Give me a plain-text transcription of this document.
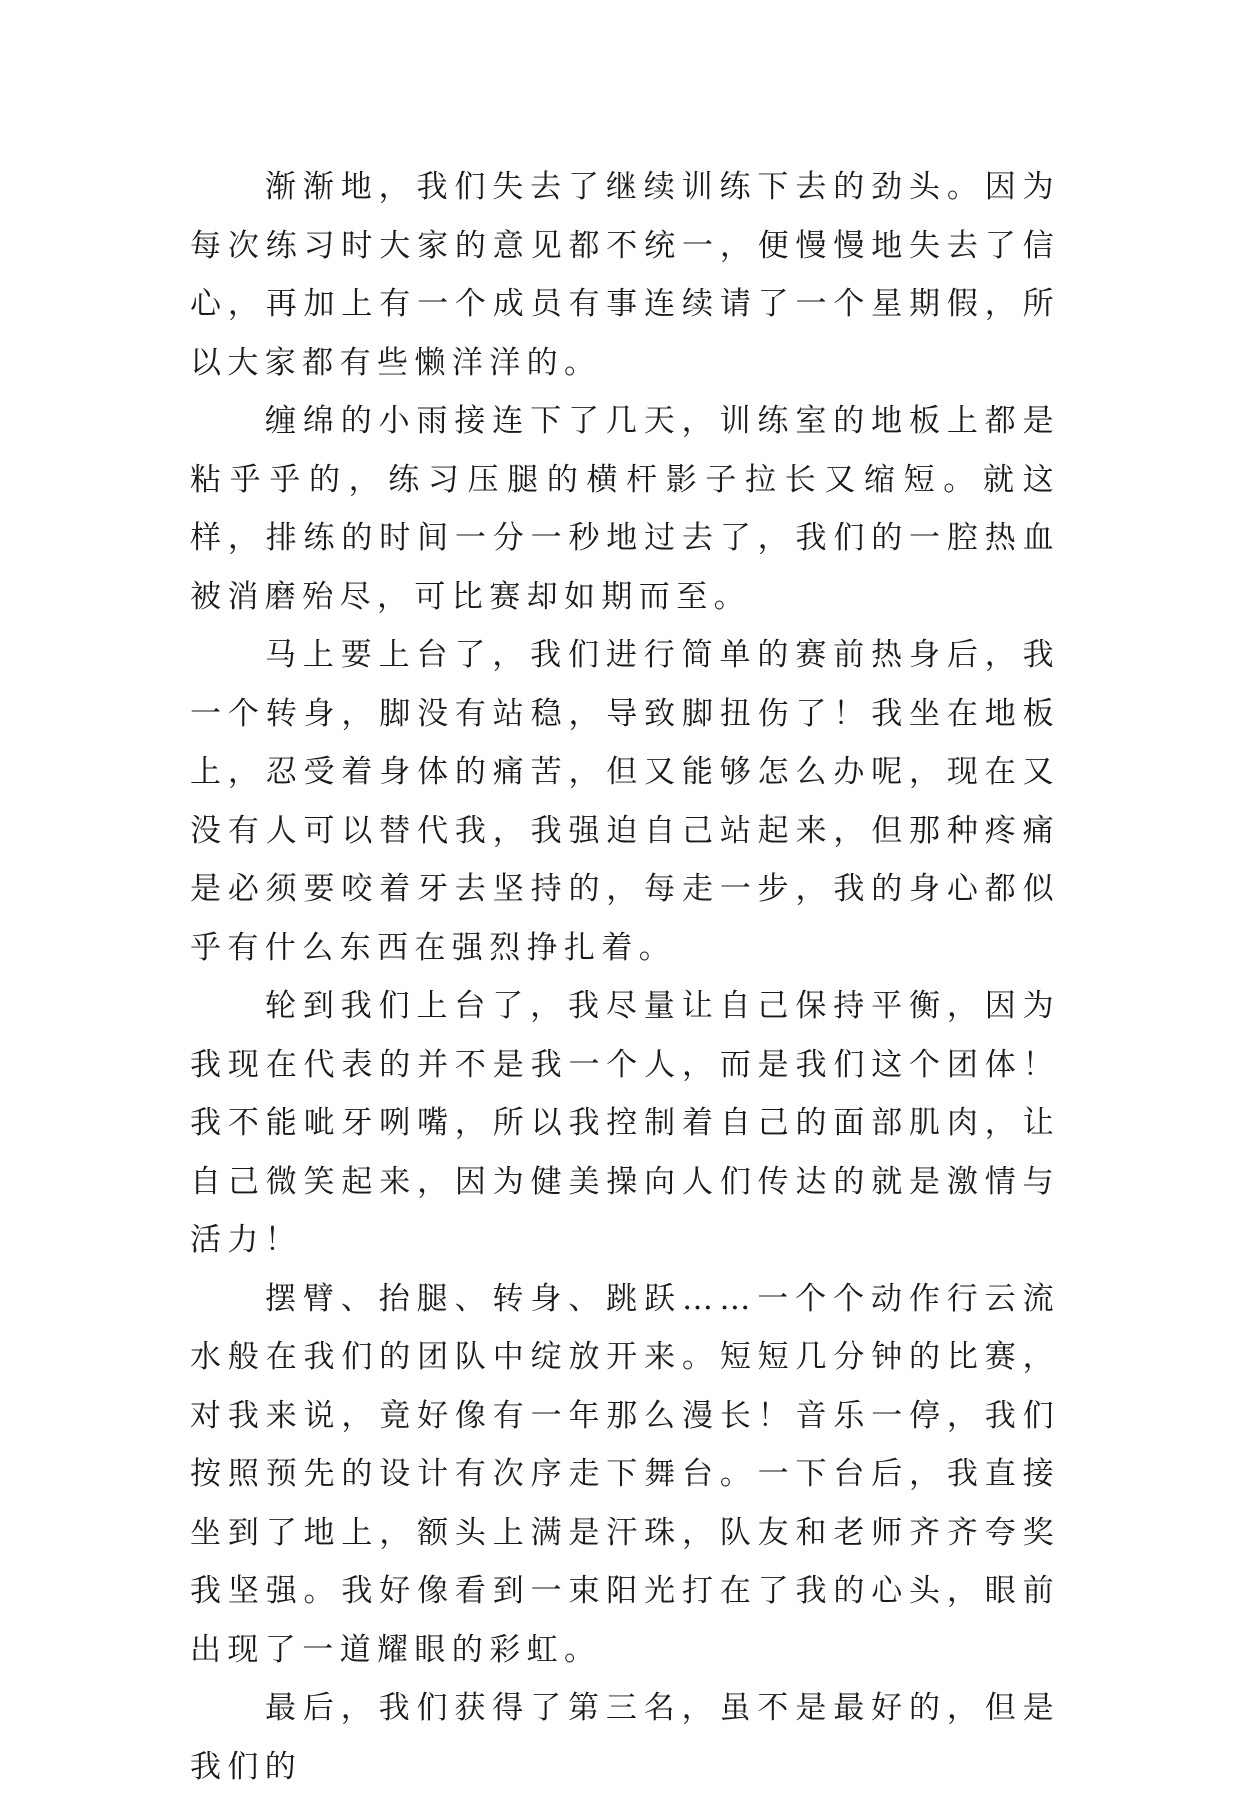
渐渐地，我们失去了继续训练下去的劲头。因为每次练习时大家的意见都不统一，便慢慢地失去了信心，再加上有一个成员有事连续请了一个星期假，所以大家都有些懒洋洋的。

缠绵的小雨接连下了几天，训练室的地板上都是粘乎乎的，练习压腿的横杆影子拉长又缩短。就这样，排练的时间一分一秒地过去了，我们的一腔热血被消磨殆尽，可比赛却如期而至。

马上要上台了，我们进行简单的赛前热身后，我一个转身，脚没有站稳，导致脚扭伤了！我坐在地板上，忍受着身体的痛苦，但又能够怎么办呢，现在又没有人可以替代我，我强迫自己站起来，但那种疼痛是必须要咬着牙去坚持的，每走一步，我的身心都似乎有什么东西在强烈挣扎着。

轮到我们上台了，我尽量让自己保持平衡，因为我现在代表的并不是我一个人，而是我们这个团体！我不能呲牙咧嘴，所以我控制着自己的面部肌肉，让自己微笑起来，因为健美操向人们传达的就是激情与活力！

摆臂、抬腿、转身、跳跃……一个个动作行云流水般在我们的团队中绽放开来。短短几分钟的比赛，对我来说，竟好像有一年那么漫长！音乐一停，我们按照预先的设计有次序走下舞台。一下台后，我直接坐到了地上，额头上满是汗珠，队友和老师齐齐夸奖我坚强。我好像看到一束阳光打在了我的心头，眼前出现了一道耀眼的彩虹。

最后，我们获得了第三名，虽不是最好的，但是我们的
